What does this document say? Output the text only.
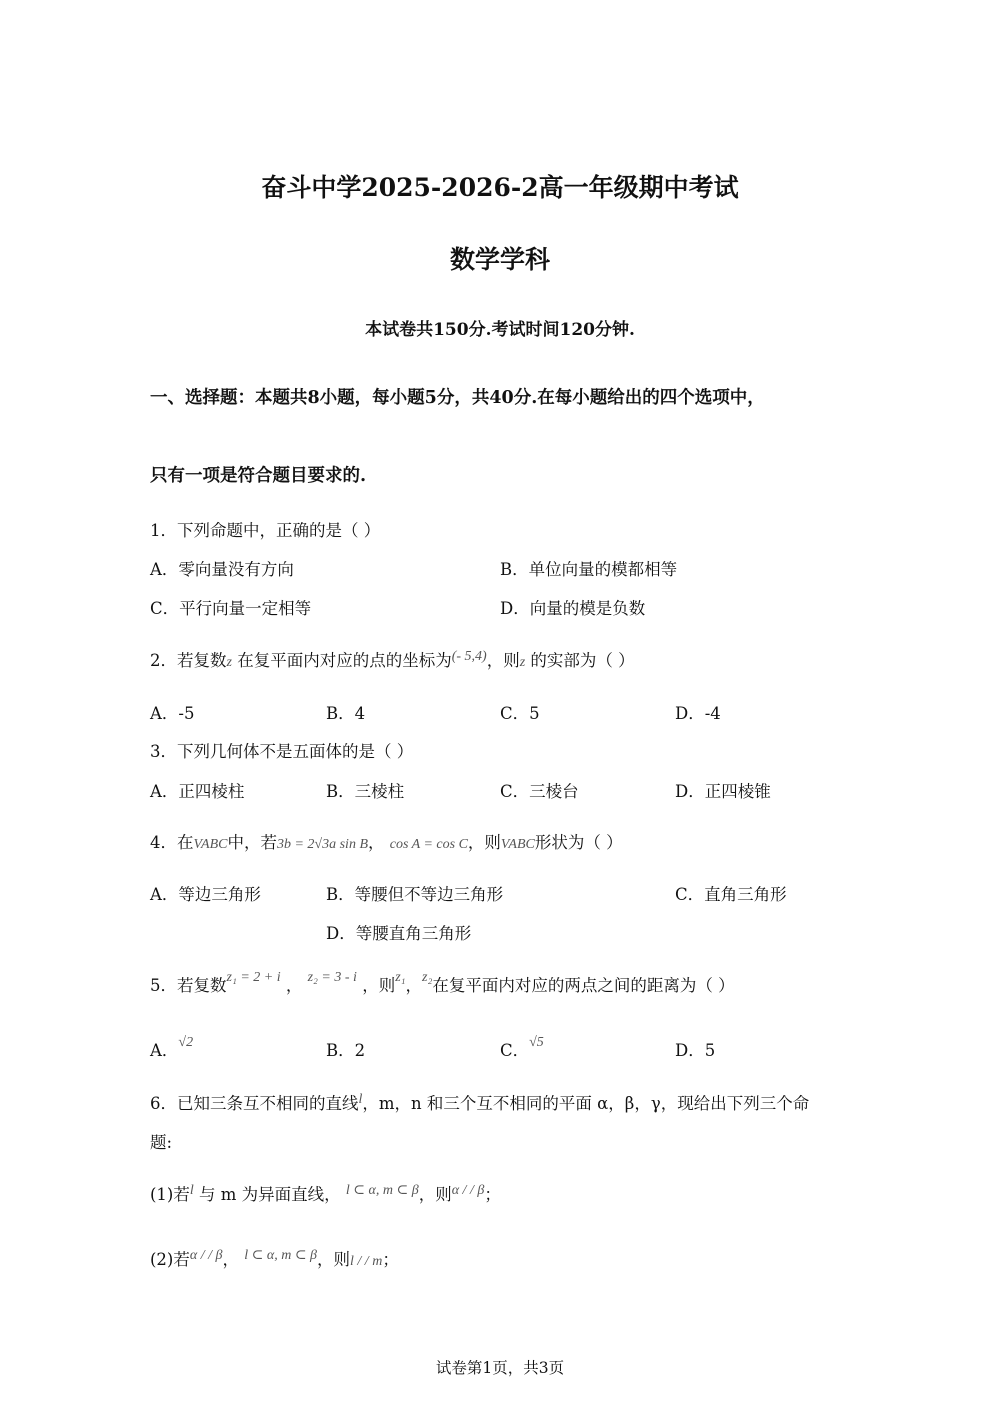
奋斗中学2025-2026-2高一年级期中考试
数学学科
本试卷共150分.考试时间120分钟.
一、选择题：本题共8小题，每小题5分，共40分.在每小题给出的四个选项中，
只有一项是符合题目要求的.
1．下列命题中，正确的是（ ）
A．零向量没有方向	B．单位向量的模都相等
C．平行向量一定相等	D．向量的模是负数
2．若复数z 在复平面内对应的点的坐标为$^{(- 5,4)}$，则z 的实部为（ ）
A．-5	B．4	C．5	D．-4
3．下列几何体不是五面体的是（ ）
A．正四棱柱	B．三棱柱	C．三棱台	D．正四棱锥
4．在VABC中，若3b = 2√3a sin B， cos A = cos C，则VABC形状为（ ）
A．等边三角形	B．等腰但不等边三角形	C．直角三角形
D．等腰直角三角形
5．若复数$^{z_1 = 2 + i}$ ， $^{z_2 = 3 - i}$ ，则$^{z_1}$，$^{z_2}$在复平面内对应的两点之间的距离为（ ）
A．$^{√2}$	B．2	C．$^{√5}$	D．5
6．已知三条互不相同的直线$^l$，m，n 和三个互不相同的平面 α，β，γ，现给出下列三个命
题:
(1)若$^l$ 与 m 为异面直线， $^{l \subset \alpha, m \subset \beta}$，则$^{\alpha / / \beta}$；
(2)若$^{\alpha / / \beta}$， $^{l \subset \alpha, m \subset \beta}$，则l / / m；
试卷第1页，共3页
